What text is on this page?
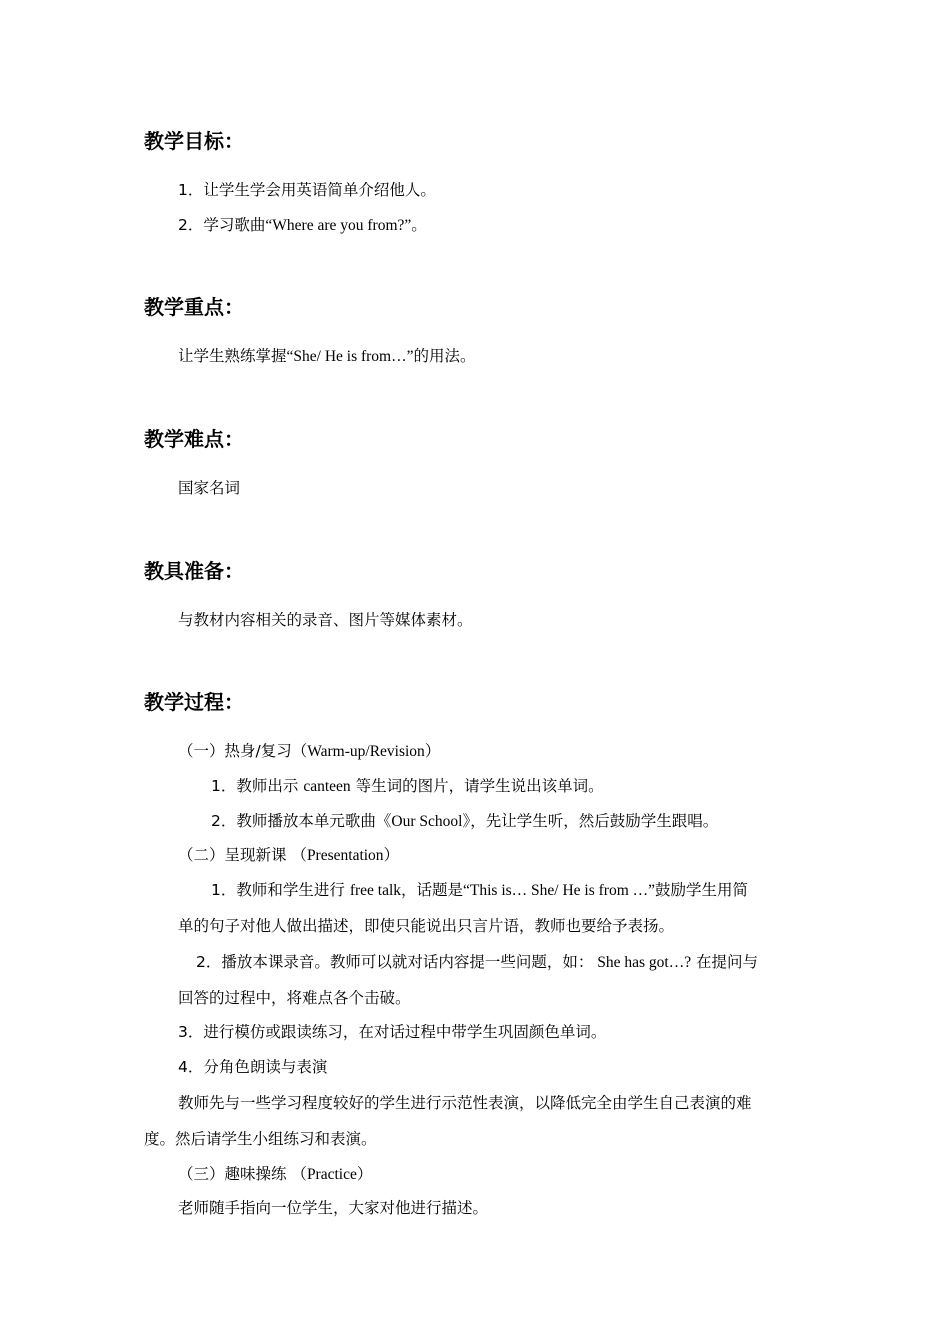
教学目标：
1．让学生学会用英语简单介绍他人。
2．学习歌曲“Where are you from?”。
教学重点：
让学生熟练掌握“She/ He is from…”的用法。
教学难点：
国家名词
教具准备：
与教材内容相关的录音、图片等媒体素材。
教学过程：
（一）热身/复习（Warm-up/Revision）
1．教师出示 canteen 等生词的图片，请学生说出该单词。
2．教师播放本单元歌曲《Our School》，先让学生听，然后鼓励学生跟唱。
（二）呈现新课 （Presentation）
1．教师和学生进行 free talk，话题是“This is… She/ He is from …”鼓励学生用简
单的句子对他人做出描述，即使只能说出只言片语，教师也要给予表扬。
2．播放本课录音。教师可以就对话内容提一些问题，如： She has got…? 在提问与
回答的过程中，将难点各个击破。
3．进行模仿或跟读练习，在对话过程中带学生巩固颜色单词。
4．分角色朗读与表演
教师先与一些学习程度较好的学生进行示范性表演，以降低完全由学生自己表演的难
度。然后请学生小组练习和表演。
（三）趣味操练 （Practice）
老师随手指向一位学生，大家对他进行描述。
